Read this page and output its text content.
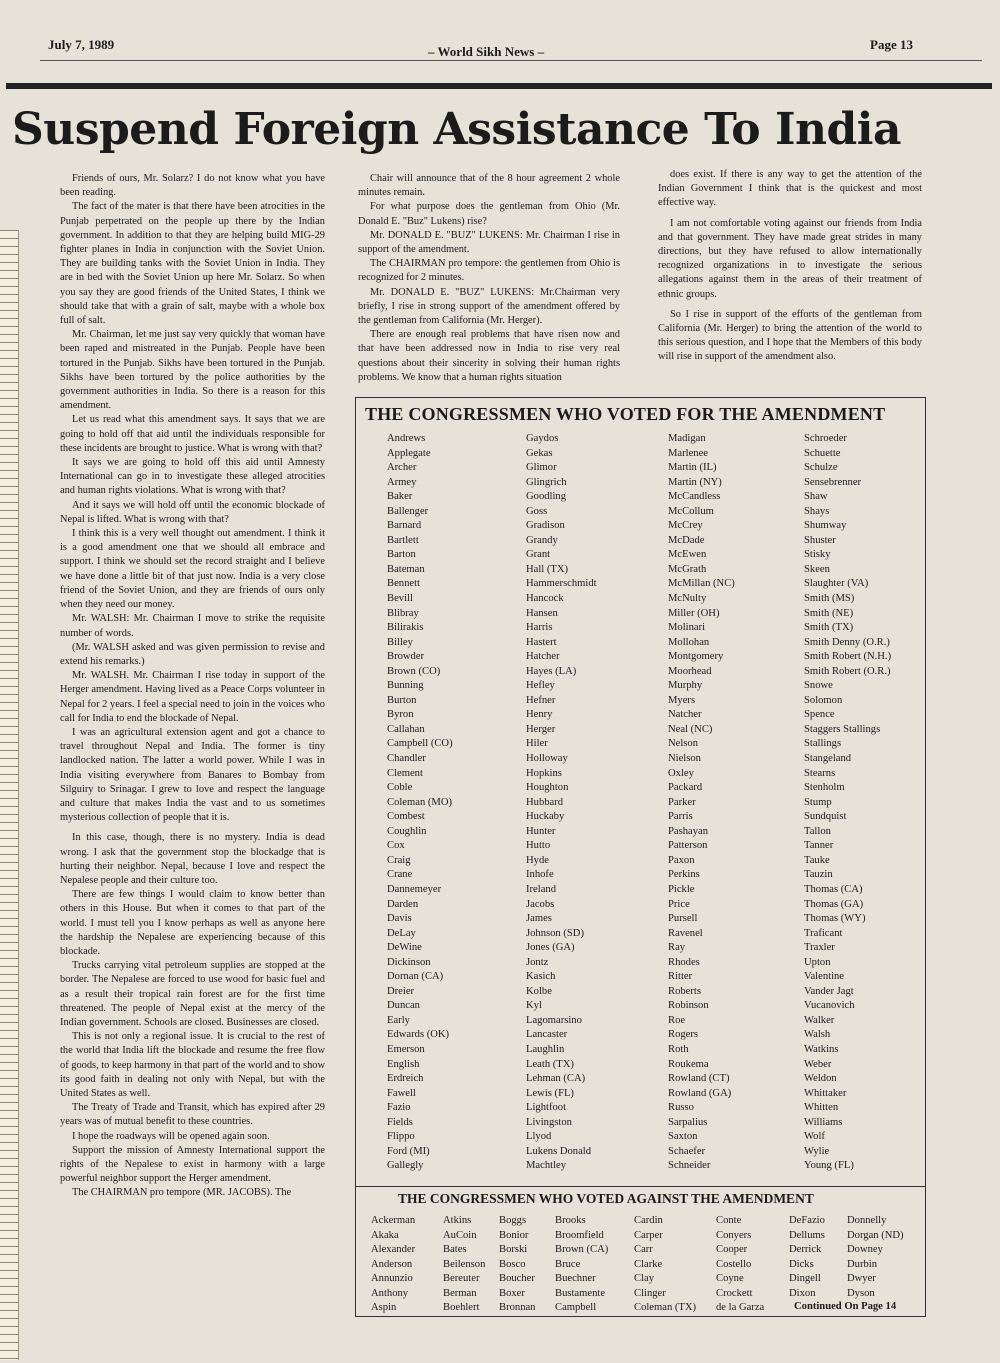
July 7, 1989	– World Sikh News –	Page 13
Suspend Foreign Assistance To India

Friends of ours, Mr. Solarz? I do not know what you have been reading.

The fact of the mater is that there have been atrocities in the Punjab perpetrated on the people up there by the Indian government. In addition to that they are helping build MIG-29 fighter planes in India in conjunction with the Soviet Union. They are building tanks with the Soviet Union in India. They are in bed with the Soviet Union up here Mr. Solarz. So when you say they are good friends of the United States, I think we should take that with a grain of salt, maybe with a whole box full of salt.

Mr. Chairman, let me just say very quickly that woman have been raped and mistreated in the Punjab. People have been tortured in the Punjab. Sikhs have been tortured in the Punjab. Sikhs have been tortured by the police authorities by the government authorities in India. So there is a reason for this amendment.

Let us read what this amendment says. It says that we are going to hold off that aid until the individuals responsible for these incidents are brought to justice. What is wrong with that?

It says we are going to hold off this aid until Amnesty International can go in to investigate these alleged atrocities and human rights violations. What is wrong with that?

And it says we will hold off until the economic blockade of Nepal is lifted. What is wrong with that?

I think this is a very well thought out amendment. I think it is a good amendment one that we should all embrace and support. I think we should set the record straight and I believe we have done a little bit of that just now. India is a very close friend of the Soviet Union, and they are friends of ours only when they need our money.

Mr. WALSH: Mr. Chairman I move to strike the requisite number of words.

(Mr. WALSH asked and was given permission to revise and extend his remarks.)

Mr. WALSH. Mr. Chairman I rise today in support of the Herger amendment. Having lived as a Peace Corps volunteer in Nepal for 2 years. I feel a special need to join in the voices who call for India to end the blockade of Nepal.

I was an agricultural extension agent and got a chance to travel throughout Nepal and India. The former is tiny landlocked nation. The latter a world power. While I was in India visiting everywhere from Banares to Bombay from Silguiry to Srinagar. I grew to love and respect the language and culture that makes India the vast and to us sometimes mysterious collection of people that it is.

In this case, though, there is no mystery. India is dead wrong. I ask that the government stop the blockadge that is hurting their neighbor. Nepal, because I love and respect the Nepalese people and their culture too.

There are few things I would claim to know better than others in this House. But when it comes to that part of the world. I must tell you I know perhaps as well as anyone here the hardship the Nepalese are experiencing because of this blockade.

Trucks carrying vital petroleum supplies are stopped at the border. The Nepalese are forced to use wood for basic fuel and as a result their tropical rain forest are for the first time threatened. The people of Nepal exist at the mercy of the Indian government. Schools are closed. Businesses are closed.

This is not only a regional issue. It is crucial to the rest of the world that India lift the blockade and resume the free flow of goods, to keep harmony in that part of the world and to show its good faith in dealing not only with Nepal, but with the United States as well.

The Treaty of Trade and Transit, which has expired after 29 years was of mutual benefit to these countries.

I hope the roadways will be opened again soon.

Support the mission of Amnesty International support the rights of the Nepalese to exist in harmony with a large powerful neighbor support the Herger amendment.

The CHAIRMAN pro tempore (MR. JACOBS). The

Chair will announce that of the 8 hour agreement 2 whole minutes remain.

For what purpose does the gentleman from Ohio (Mr. Donald E. "Buz" Lukens) rise?

Mr. DONALD E. "BUZ" LUKENS: Mr. Chairman I rise in support of the amendment.

The CHAIRMAN pro tempore: the gentlemen from Ohio is recognized for 2 minutes.

Mr. DONALD E. "BUZ" LUKENS: Mr.Chairman very briefly, I rise in strong support of the amendment offered by the gentleman from California (Mr. Herger).

There are enough real problems that have risen now and that have been addressed now in India to rise very real questions about their sincerity in solving their human rights problems. We know that a human rights situation

does exist. If there is any way to get the attention of the Indian Government I think that is the quickest and most effective way.

I am not comfortable voting against our friends from India and that government. They have made great strides in many directions, but they have refused to allow internationally recognized organizations in to investigate the serious allegations against them in the areas of their treatment of ethnic groups.

So I rise in support of the efforts of the gentleman from California (Mr. Herger) to bring the attention of the world to this serious question, and I hope that the Members of this body will rise in support of the amendment also.

THE CONGRESSMEN WHO VOTED FOR THE AMENDMENT
Andrews
Applegate
Archer
Armey
Baker
Ballenger
Barnard
Bartlett
Barton
Bateman
Bennett
Bevill
Blibray
Bilirakis
Billey
Browder
Brown (CO)
Bunning
Burton
Byron
Callahan
Campbell (CO)
Chandler
Clement
Coble
Coleman (MO)
Combest
Coughlin
Cox
Craig
Crane
Dannemeyer
Darden
Davis
DeLay
DeWine
Dickinson
Dornan (CA)
Dreier
Duncan
Early
Edwards (OK)
Emerson
English
Erdreich
Fawell
Fazio
Fields
Flippo
Ford (MI)
Gallegly
Gaydos
Gekas
Glimor
Glingrich
Goodling
Goss
Gradison
Grandy
Grant
Hall (TX)
Hammerschmidt
Hancock
Hansen
Harris
Hastert
Hatcher
Hayes (LA)
Hefley
Hefner
Henry
Herger
Hiler
Holloway
Hopkins
Houghton
Hubbard
Huckaby
Hunter
Hutto
Hyde
Inhofe
Ireland
Jacobs
James
Johnson (SD)
Jones (GA)
Jontz
Kasich
Kolbe
Kyl
Lagomarsino
Lancaster
Laughlin
Leath (TX)
Lehman (CA)
Lewis (FL)
Lightfoot
Livingston
Llyod
Lukens Donald
Machtley
Madigan
Marlenee
Martin (IL)
Martin (NY)
McCandless
McCollum
McCrey
McDade
McEwen
McGrath
McMillan (NC)
McNulty
Miller (OH)
Molinari
Mollohan
Montgomery
Moorhead
Murphy
Myers
Natcher
Neal (NC)
Nelson
Nielson
Oxley
Packard
Parker
Parris
Pashayan
Patterson
Paxon
Perkins
Pickle
Price
Pursell
Ravenel
Ray
Rhodes
Ritter
Roberts
Robinson
Roe
Rogers
Roth
Roukema
Rowland (CT)
Rowland (GA)
Russo
Sarpalius
Saxton
Schaefer
Schneider
Schroeder
Schuette
Schulze
Sensebrenner
Shaw
Shays
Shumway
Shuster
Stisky
Skeen
Slaughter (VA)
Smith (MS)
Smith (NE)
Smith (TX)
Smith Denny (O.R.)
Smith Robert (N.H.)
Smith Robert (O.R.)
Snowe
Solomon
Spence
Staggers Stallings
Stallings
Stangeland
Stearns
Stenholm
Stump
Sundquist
Tallon
Tanner
Tauke
Tauzin
Thomas (CA)
Thomas (GA)
Thomas (WY)
Traficant
Traxler
Upton
Valentine
Vander Jagt
Vucanovich
Walker
Walsh
Watkins
Weber
Weldon
Whittaker
Whitten
Williams
Wolf
Wylie
Young (FL)
THE CONGRESSMEN WHO VOTED AGAINST THE AMENDMENT
Ackerman
Akaka
Alexander
Anderson
Annunzio
Anthony
Aspin
Atkins
AuCoin
Bates
Beilenson
Bereuter
Berman
Boehlert
Boggs
Bonior
Borski
Bosco
Boucher
Boxer
Bronnan
Brooks
Broomfield
Brown (CA)
Bruce
Buechner
Bustamente
Campbell
Cardin
Carper
Carr
Clarke
Clay
Clinger
Coleman (TX)
Conte
Conyers
Cooper
Costello
Coyne
Crockett
de la Garza
DeFazio
Dellums
Derrick
Dicks
Dingell
Dixon
Donnelly
Dorgan (ND)
Downey
Durbin
Dwyer
Dyson
Continued On Page 14
